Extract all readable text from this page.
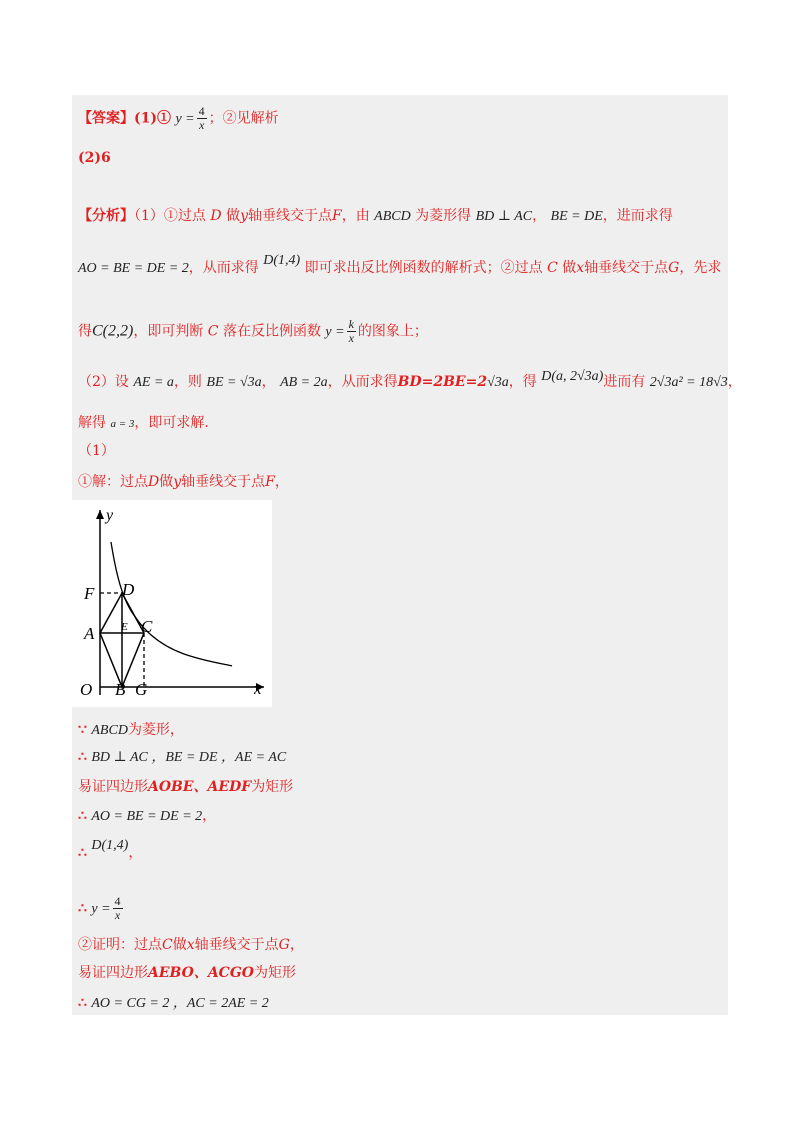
【答案】(1)① $y = \frac{4}{x}$ ；②见解析
(2)6
【分析】（1）①过点 D 做y轴垂线交于点F，由 ABCD 为菱形得 BD ⊥ AC， BE = DE，进而求得
AO = BE = DE = 2，从而求得 D(1,4) 即可求出反比例函数的解析式；②过点 C 做x轴垂线交于点G，先求
得C(2,2)，即可判断 C 落在反比例函数 $y = \frac{k}{x}$ 的图象上；
（2）设 AE = a，则 BE = √3a， AB = 2a，从而求得BD=2BE=2√3a，得 D(a, 2√3a)进而有 2√3a² = 18√3，
解得 a = 3，即可求解.
（1）
①解：过点D做y轴垂线交于点F，
y
x
O B G
F D
A E C
∵ ABCD为菱形，
∴ BD ⊥ AC ，BE = DE ，AE = AC
易证四边形AOBE、AEDF为矩形
∴ AO = BE = DE = 2，
∴ D(1,4)，
∴ $y = \frac{4}{x}$
②证明：过点C做x轴垂线交于点G，
易证四边形AEBO、ACGO为矩形
∴ AO = CG = 2 ，AC = 2AE = 2
